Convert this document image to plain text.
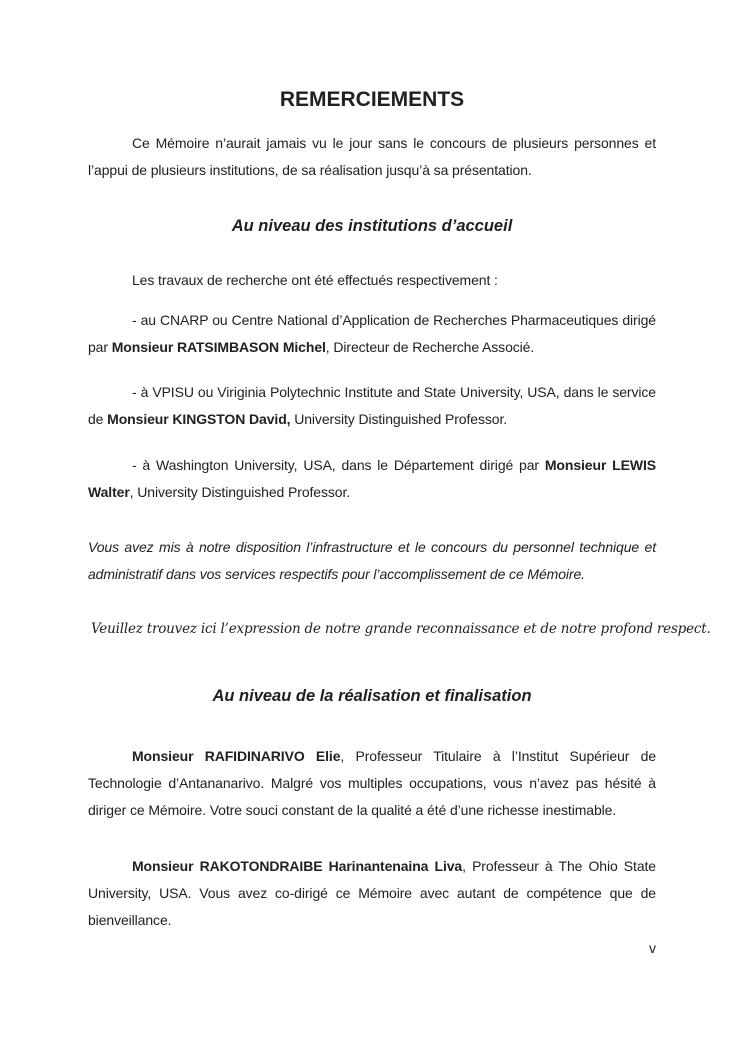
REMERCIEMENTS

Ce Mémoire n’aurait jamais vu le jour sans le concours de plusieurs personnes et l’appui de plusieurs institutions, de sa réalisation jusqu’à sa présentation.

Au niveau des institutions d’accueil

Les travaux de recherche ont été effectués respectivement :

- au CNARP ou Centre National d’Application de Recherches Pharmaceutiques dirigé par Monsieur RATSIMBASON Michel, Directeur de Recherche Associé.

- à VPISU ou Viriginia Polytechnic Institute and State University, USA, dans le service de Monsieur KINGSTON David, University Distinguished Professor.

- à Washington University, USA, dans le Département dirigé par Monsieur LEWIS Walter, University Distinguished Professor.

Vous avez mis à notre disposition l’infrastructure et le concours du personnel technique et administratif dans vos services respectifs pour l’accomplissement de ce Mémoire.

Veuillez trouvez ici l’expression de notre grande reconnaissance et de notre profond respect.

Au niveau de la réalisation et finalisation

Monsieur RAFIDINARIVO Elie, Professeur Titulaire à l’Institut Supérieur de Technologie d’Antananarivo. Malgré vos multiples occupations, vous n’avez pas hésité à diriger ce Mémoire. Votre souci constant de la qualité a été d’une richesse inestimable.

Monsieur RAKOTONDRAIBE Harinantenaina Liva, Professeur à The Ohio State University, USA. Vous avez co-dirigé ce Mémoire avec autant de compétence que de bienveillance.

v
